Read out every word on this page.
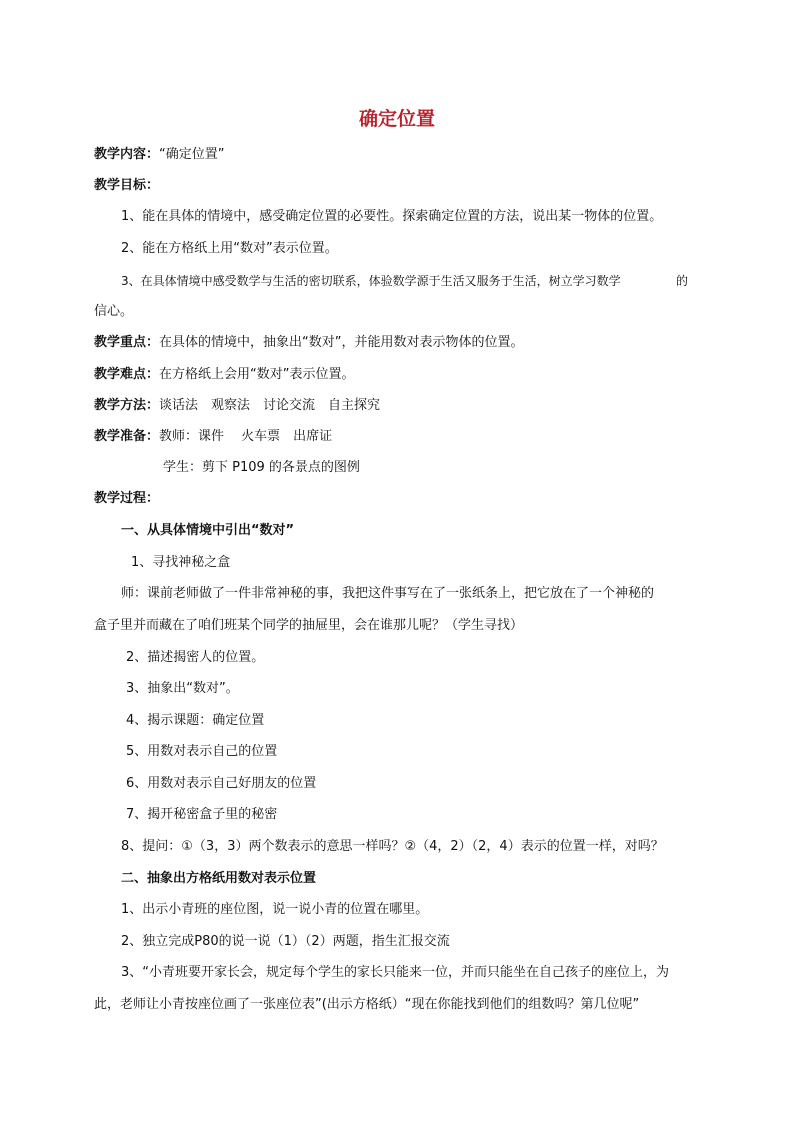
确定位置
教学内容：“确定位置”
教学目标：
1、能在具体的情境中，感受确定位置的必要性。探索确定位置的方法，说出某一物体的位置。
2、能在方格纸上用“数对”表示位置。
3、在具体情境中感受数学与生活的密切联系，体验数学源于生活又服务于生活，树立学习数学	的
信心。
教学重点：在具体的情境中，抽象出“数对”，并能用数对表示物体的位置。
教学难点：在方格纸上会用“数对”表示位置。
教学方法：谈话法　观察法　讨论交流　自主探究
教学准备：教师：课件　 火车票　出席证
学生：剪下 P109 的各景点的图例
教学过程：
一、从具体情境中引出“数对”
1、寻找神秘之盒
师：课前老师做了一件非常神秘的事，我把这件事写在了一张纸条上，把它放在了一个神秘的
盒子里并而藏在了咱们班某个同学的抽屉里，会在谁那儿呢？（学生寻找）
2、描述揭密人的位置。
3、抽象出“数对”。
4、揭示课题：确定位置
5、用数对表示自己的位置
6、用数对表示自己好朋友的位置
7、揭开秘密盒子里的秘密
8、提问：①（3，3）两个数表示的意思一样吗？②（4，2）（2，4）表示的位置一样，对吗？
二、抽象出方格纸用数对表示位置
1、出示小青班的座位图，说一说小青的位置在哪里。
2、独立完成P80的说一说（1）（2）两题，指生汇报交流
3、“小青班要开家长会，规定每个学生的家长只能来一位，并而只能坐在自己孩子的座位上，为
此，老师让小青按座位画了一张座位表”(出示方格纸）“现在你能找到他们的组数吗？第几位呢”
